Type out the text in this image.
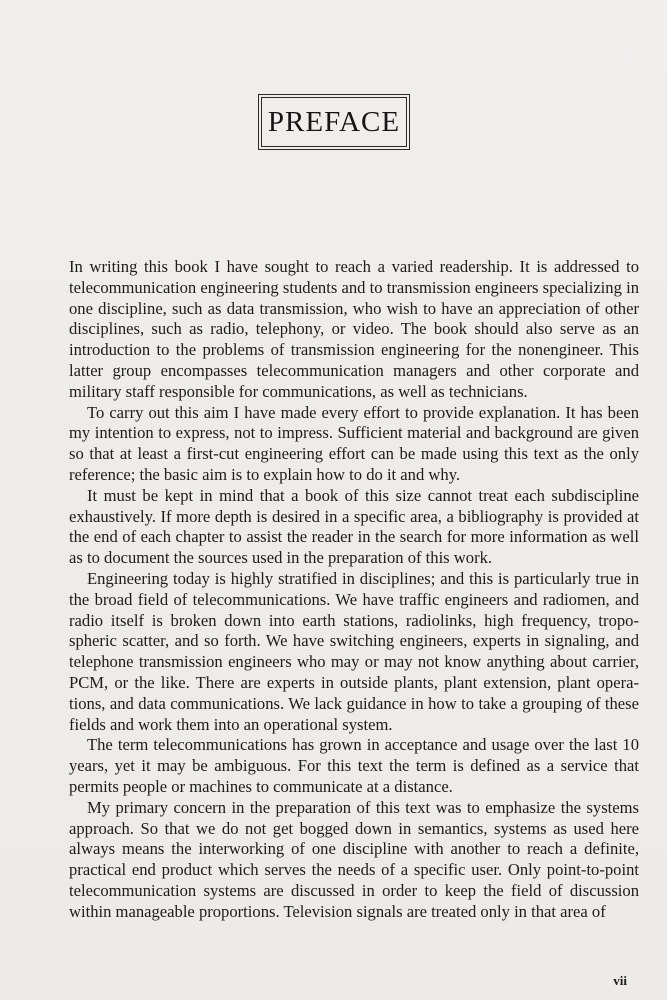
PREFACE

In writing this book I have sought to reach a varied readership. It is addressed to telecommunication engineering students and to transmission engineers specializing in one discipline, such as data transmission, who wish to have an appreciation of other disciplines, such as radio, telephony, or video. The book should also serve as an introduction to the problems of transmission engineering for the nonengineer. This latter group encompasses telecommunication managers and other corporate and military staff responsible for communications, as well as technicians.

To carry out this aim I have made every effort to provide explanation. It has been my intention to express, not to impress. Sufficient material and background are given so that at least a first-cut engineering effort can be made using this text as the only reference; the basic aim is to explain how to do it and why.

It must be kept in mind that a book of this size cannot treat each subdiscipline exhaustively. If more depth is desired in a specific area, a bibliography is provided at the end of each chapter to assist the reader in the search for more information as well as to document the sources used in the preparation of this work.

Engineering today is highly stratified in disciplines; and this is particularly true in the broad field of telecommunications. We have traffic engineers and radiomen, and radio itself is broken down into earth stations, radiolinks, high frequency, tropospheric scatter, and so forth. We have switching engineers, experts in signaling, and telephone transmission engineers who may or may not know anything about carrier, PCM, or the like. There are experts in outside plants, plant extension, plant operations, and data communications. We lack guidance in how to take a grouping of these fields and work them into an operational system.

The term telecommunications has grown in acceptance and usage over the last 10 years, yet it may be ambiguous. For this text the term is defined as a service that permits people or machines to communicate at a distance.

My primary concern in the preparation of this text was to emphasize the systems approach. So that we do not get bogged down in semantics, systems as used here always means the interworking of one discipline with another to reach a definite, practical end product which serves the needs of a specific user. Only point-to-point telecommunication systems are discussed in order to keep the field of discussion within manageable proportions. Television signals are treated only in that area of

vii
